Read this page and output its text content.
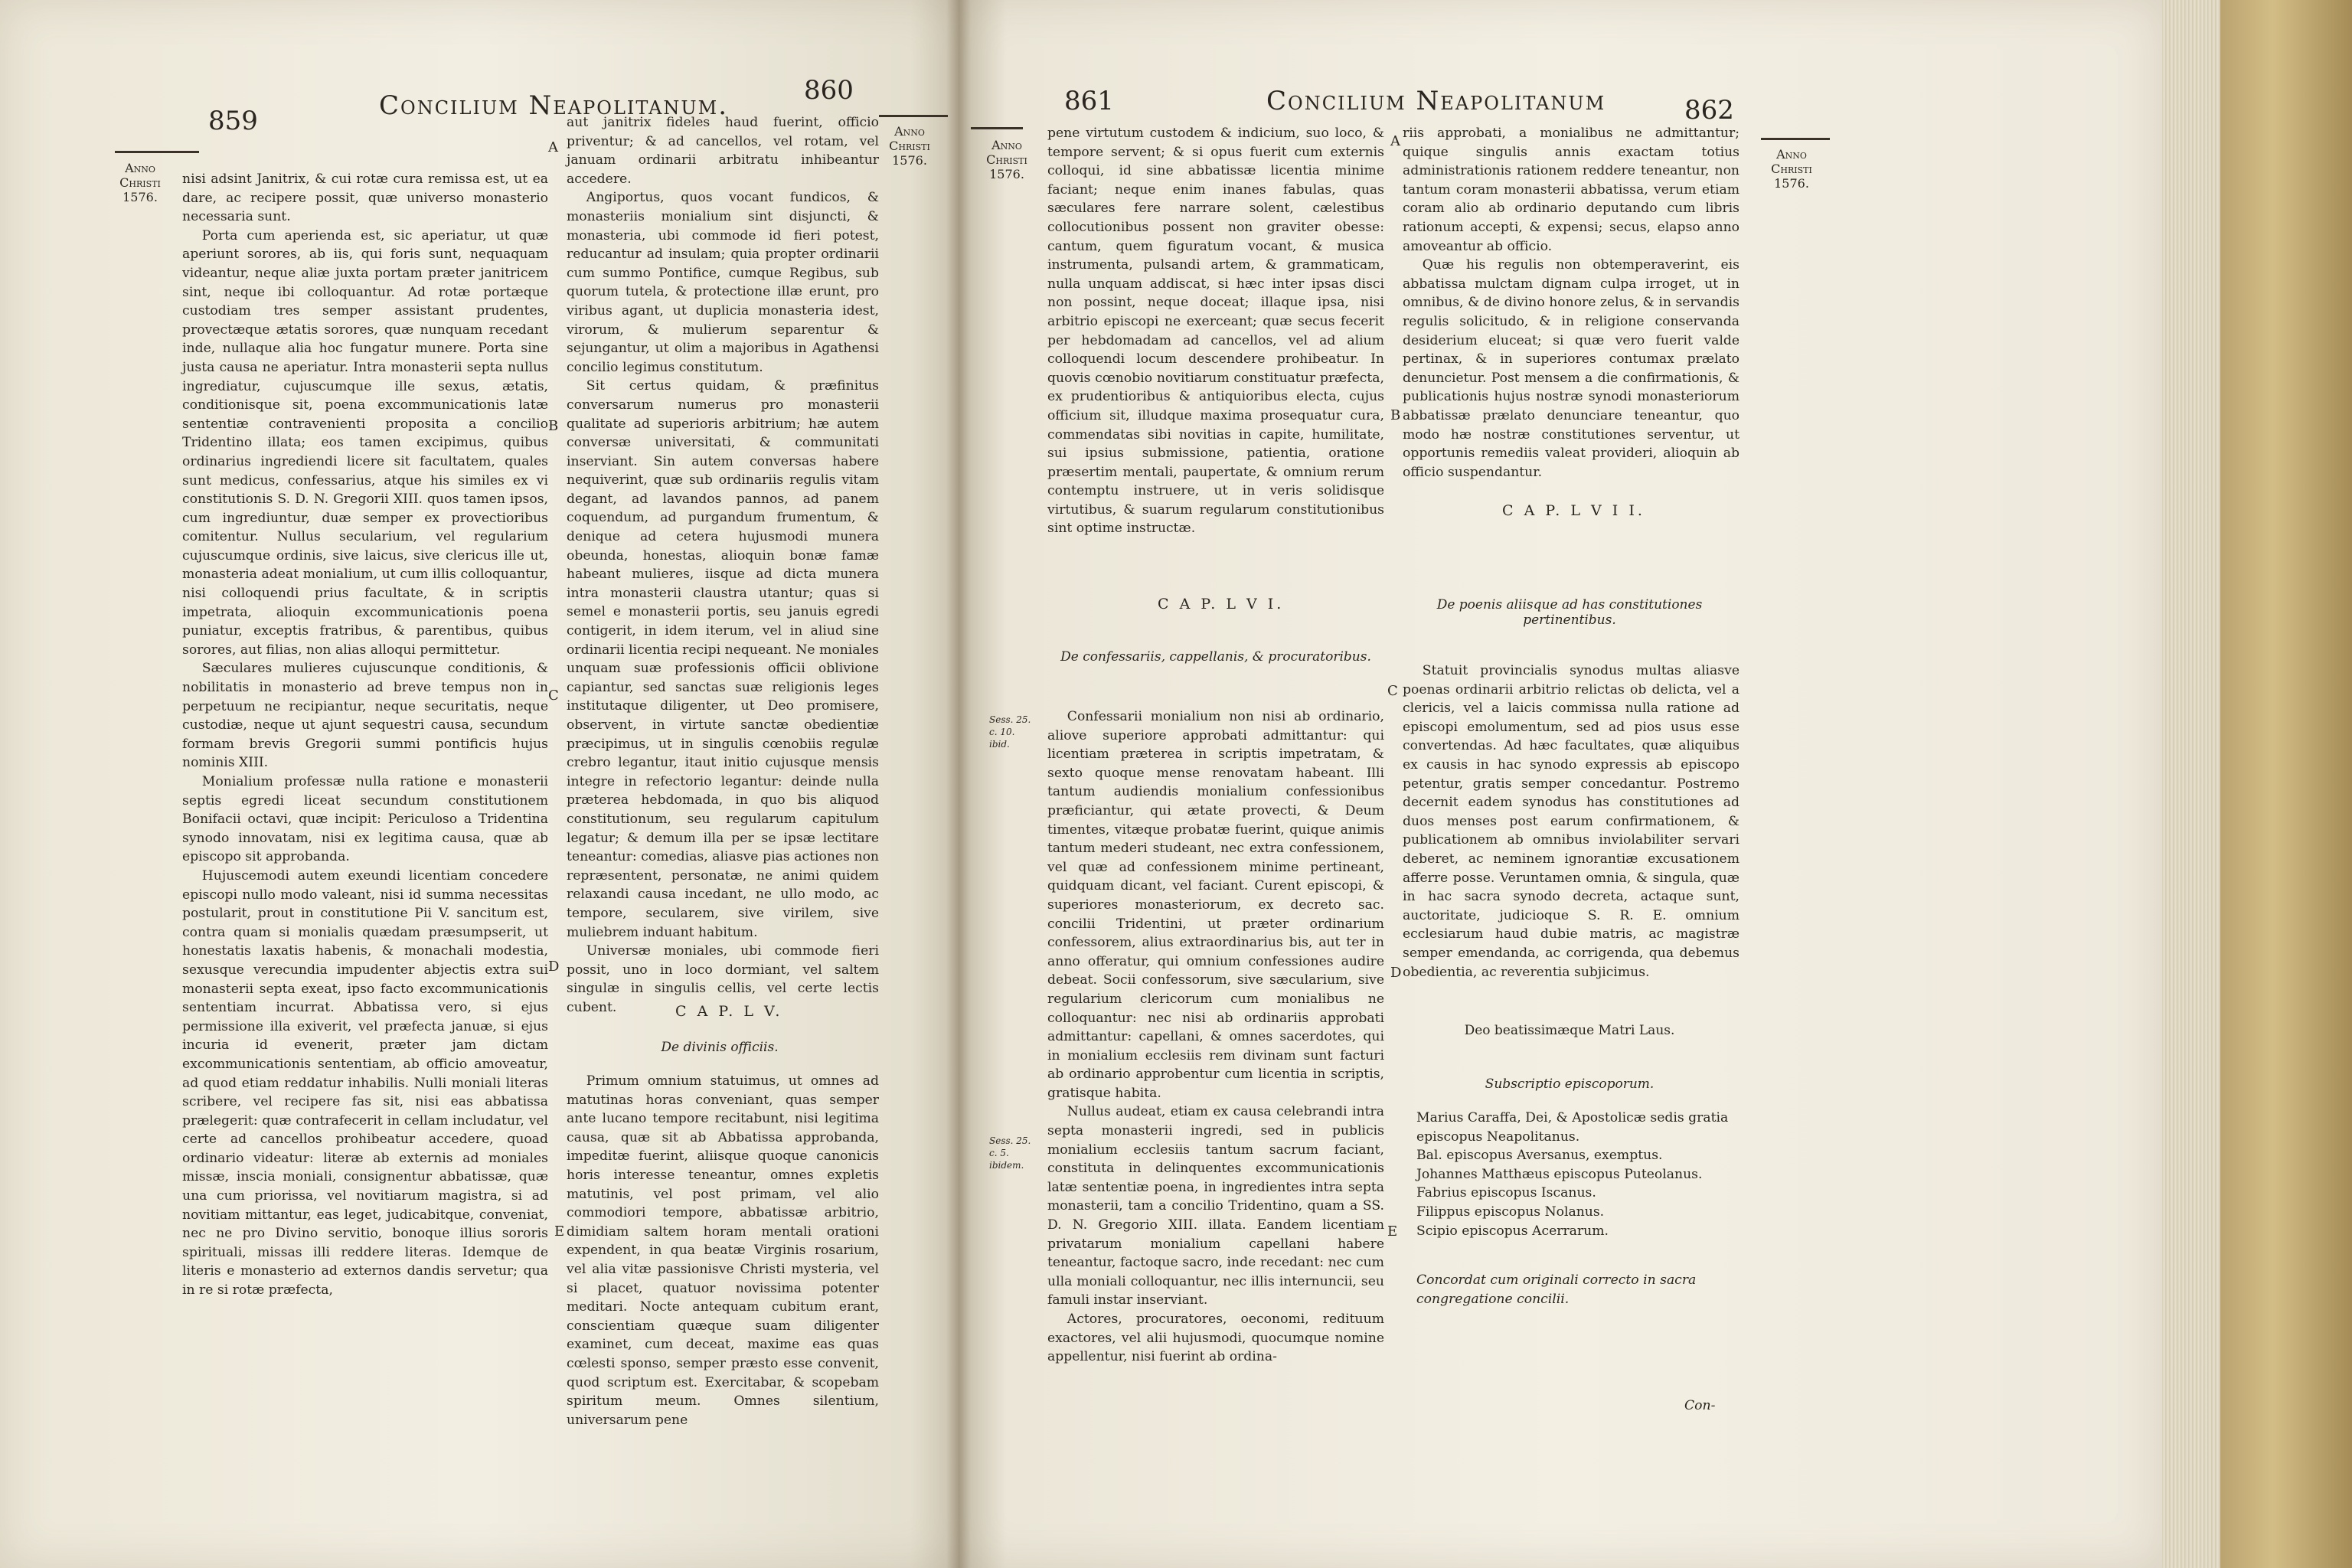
859	Concilium Neapolitanum.	860
Anno
Christi
1576.
Anno
Christi
1576.

nisi adsint Janitrix, & cui rotæ cura remissa est, ut ea dare, ac recipere possit, quæ universo monasterio necessaria sunt.

Porta cum aperienda est, sic aperiatur, ut quæ aperiunt sorores, ab iis, qui foris sunt, nequaquam videantur, neque aliæ juxta portam præter janitricem sint, neque ibi colloquantur. Ad rotæ portæque custodiam tres semper assistant prudentes, provectæque ætatis sorores, quæ nunquam recedant inde, nullaque alia hoc fungatur munere. Porta sine justa causa ne aperiatur. Intra monasterii septa nullus ingrediatur, cujuscumque ille sexus, ætatis, conditionisque sit, poena excommunicationis latæ sententiæ contravenienti proposita a concilio Tridentino illata; eos tamen excipimus, quibus ordinarius ingrediendi licere sit facultatem, quales sunt medicus, confessarius, atque his similes ex vi constitutionis S. D. N. Gregorii XIII. quos tamen ipsos, cum ingrediuntur, duæ semper ex provectioribus comitentur. Nullus secularium, vel regularium cujuscumque ordinis, sive laicus, sive clericus ille ut, monasteria adeat monialium, ut cum illis colloquantur, nisi colloquendi prius facultate, & in scriptis impetrata, alioquin excommunicationis poena puniatur, exceptis fratribus, & parentibus, quibus sorores, aut filias, non alias alloqui permittetur.

Sæculares mulieres cujuscunque conditionis, & nobilitatis in monasterio ad breve tempus non in perpetuum ne recipiantur, neque securitatis, neque custodiæ, neque ut ajunt sequestri causa, secundum formam brevis Gregorii summi pontificis hujus nominis XIII.

Monialium professæ nulla ratione e monasterii septis egredi liceat secundum constitutionem Bonifacii octavi, quæ incipit: Periculoso a Tridentina synodo innovatam, nisi ex legitima causa, quæ ab episcopo sit approbanda.

Hujuscemodi autem exeundi licentiam concedere episcopi nullo modo valeant, nisi id summa necessitas postularit, prout in constitutione Pii V. sancitum est, contra quam si monialis quædam præsumpserit, ut honestatis laxatis habenis, & monachali modestia, sexusque verecundia impudenter abjectis extra sui monasterii septa exeat, ipso facto excommunicationis sententiam incurrat. Abbatissa vero, si ejus permissione illa exiverit, vel præfecta januæ, si ejus incuria id evenerit, præter jam dictam excommunicationis sententiam, ab officio amoveatur, ad quod etiam reddatur inhabilis. Nulli moniali literas scribere, vel recipere fas sit, nisi eas abbatissa prælegerit: quæ contrafecerit in cellam includatur, vel certe ad cancellos prohibeatur accedere, quoad ordinario videatur: literæ ab externis ad moniales missæ, inscia moniali, consignentur abbatissæ, quæ una cum priorissa, vel novitiarum magistra, si ad novitiam mittantur, eas leget, judicabitque, conveniat, nec ne pro Divino servitio, bonoque illius sororis spirituali, missas illi reddere literas. Idemque de literis e monasterio ad externos dandis servetur; qua in re si rotæ præfecta,

A
B
C
D
E

aut janitrix fideles haud fuerint, officio priventur; & ad cancellos, vel rotam, vel januam ordinarii arbitratu inhibeantur accedere.

Angiportus, quos vocant fundicos, & monasteriis monialium sint disjuncti, & monasteria, ubi commode id fieri potest, reducantur ad insulam; quia propter ordinarii cum summo Pontifice, cumque Regibus, sub quorum tutela, & protectione illæ erunt, pro viribus agant, ut duplicia monasteria idest, virorum, & mulierum separentur & sejungantur, ut olim a majoribus in Agathensi concilio legimus constitutum.

Sit certus quidam, & præfinitus conversarum numerus pro monasterii qualitate ad superioris arbitrium; hæ autem conversæ universitati, & communitati inserviant. Sin autem conversas habere nequiverint, quæ sub ordinariis regulis vitam degant, ad lavandos pannos, ad panem coquendum, ad purgandum frumentum, & denique ad cetera hujusmodi munera obeunda, honestas, alioquin bonæ famæ habeant mulieres, iisque ad dicta munera intra monasterii claustra utantur; quas si semel e monasterii portis, seu januis egredi contigerit, in idem iterum, vel in aliud sine ordinarii licentia recipi nequeant. Ne moniales unquam suæ professionis officii oblivione capiantur, sed sanctas suæ religionis leges institutaque diligenter, ut Deo promisere, observent, in virtute sanctæ obedientiæ præcipimus, ut in singulis cœnobiis regulæ crebro legantur, itaut initio cujusque mensis integre in refectorio legantur: deinde nulla præterea hebdomada, in quo bis aliquod constitutionum, seu regularum capitulum legatur; & demum illa per se ipsæ lectitare teneantur: comedias, aliasve pias actiones non repræsentent, personatæ, ne animi quidem relaxandi causa incedant, ne ullo modo, ac tempore, secularem, sive virilem, sive muliebrem induant habitum.

Universæ moniales, ubi commode fieri possit, uno in loco dormiant, vel saltem singulæ in singulis cellis, vel certe lectis cubent.	C A P. L V.
De divinis officiis.

Primum omnium statuimus, ut omnes ad matutinas horas conveniant, quas semper ante lucano tempore recitabunt, nisi legitima causa, quæ sit ab Abbatissa approbanda, impeditæ fuerint, aliisque quoque canonicis horis interesse teneantur, omnes expletis matutinis, vel post primam, vel alio commodiori tempore, abbatissæ arbitrio, dimidiam saltem horam mentali orationi expendent, in qua beatæ Virginis rosarium, vel alia vitæ passionisve Christi mysteria, vel si placet, quatuor novissima potenter meditari. Nocte antequam cubitum erant, conscientiam quæque suam diligenter examinet, cum deceat, maxime eas quas cœlesti sponso, semper præsto esse convenit, quod scriptum est. Exercitabar, & scopebam spiritum meum. Omnes silentium, universarum pene

861	Concilium Neapolitanum	862
Anno
Christi
1576.
Anno
Christi
1576.

pene virtutum custodem & indicium, suo loco, & tempore servent; & si opus fuerit cum externis colloqui, id sine abbatissæ licentia minime faciant; neque enim inanes fabulas, quas sæculares fere narrare solent, cælestibus collocutionibus possent non graviter obesse: cantum, quem figuratum vocant, & musica instrumenta, pulsandi artem, & grammaticam, nulla unquam addiscat, si hæc inter ipsas disci non possint, neque doceat; illaque ipsa, nisi arbitrio episcopi ne exerceant; quæ secus fecerit per hebdomadam ad cancellos, vel ad alium colloquendi locum descendere prohibeatur. In quovis cœnobio novitiarum constituatur præfecta, ex prudentioribus & antiquioribus electa, cujus officium sit, illudque maxima prosequatur cura, commendatas sibi novitias in capite, humilitate, sui ipsius submissione, patientia, oratione præsertim mentali, paupertate, & omnium rerum contemptu instruere, ut in veris solidisque virtutibus, & suarum regularum constitutionibus sint optime instructæ.

C A P. L V I.
De confessariis, cappellanis, & procuratoribus.
Sess. 25. c. 10. ibid.
Sess. 25. c. 5. ibidem.

Confessarii monialium non nisi ab ordinario, aliove superiore approbati admittantur: qui licentiam præterea in scriptis impetratam, & sexto quoque mense renovatam habeant. Illi tantum audiendis monialium confessionibus præficiantur, qui ætate provecti, & Deum timentes, vitæque probatæ fuerint, quique animis tantum mederi studeant, nec extra confessionem, vel quæ ad confessionem minime pertineant, quidquam dicant, vel faciant. Curent episcopi, & superiores monasteriorum, ex decreto sac. concilii Tridentini, ut præter ordinarium confessorem, alius extraordinarius bis, aut ter in anno offeratur, qui omnium confessiones audire debeat. Socii confessorum, sive sæcularium, sive regularium clericorum cum monialibus ne colloquantur: nec nisi ab ordinariis approbati admittantur: capellani, & omnes sacerdotes, qui in monialium ecclesiis rem divinam sunt facturi ab ordinario approbentur cum licentia in scriptis, gratisque habita.

Nullus audeat, etiam ex causa celebrandi intra septa monasterii ingredi, sed in publicis monialium ecclesiis tantum sacrum faciant, constituta in delinquentes excommunicationis latæ sententiæ poena, in ingredientes intra septa monasterii, tam a concilio Tridentino, quam a SS. D. N. Gregorio XIII. illata. Eandem licentiam privatarum monialium capellani habere teneantur, factoque sacro, inde recedant: nec cum ulla moniali colloquantur, nec illis internuncii, seu famuli instar inserviant.

Actores, procuratores, oeconomi, redituum exactores, vel alii hujusmodi, quocumque nomine appellentur, nisi fuerint ab ordina-

A
B
C
D
E

riis approbati, a monialibus ne admittantur; quique singulis annis exactam totius administrationis rationem reddere teneantur, non tantum coram monasterii abbatissa, verum etiam coram alio ab ordinario deputando cum libris rationum accepti, & expensi; secus, elapso anno amoveantur ab officio.

Quæ his regulis non obtemperaverint, eis abbatissa mulctam dignam culpa irroget, ut in omnibus, & de divino honore zelus, & in servandis regulis solicitudo, & in religione conservanda desiderium eluceat; si quæ vero fuerit valde pertinax, & in superiores contumax prælato denuncietur. Post mensem a die confirmationis, & publicationis hujus nostræ synodi monasteriorum abbatissæ prælato denunciare teneantur, quo modo hæ nostræ constitutiones serventur, ut opportunis remediis valeat provideri, alioquin ab officio suspendantur.

C A P. L V I I.
De poenis aliisque ad has constitutiones pertinentibus.

Statuit provincialis synodus multas aliasve poenas ordinarii arbitrio relictas ob delicta, vel a clericis, vel a laicis commissa nulla ratione ad episcopi emolumentum, sed ad pios usus esse convertendas. Ad hæc facultates, quæ aliquibus ex causis in hac synodo expressis ab episcopo petentur, gratis semper concedantur. Postremo decernit eadem synodus has constitutiones ad duos menses post earum confirmationem, & publicationem ab omnibus inviolabiliter servari deberet, ac neminem ignorantiæ excusationem afferre posse. Veruntamen omnia, & singula, quæ in hac sacra synodo decreta, actaque sunt, auctoritate, judicioque S. R. E. omnium ecclesiarum haud dubie matris, ac magistræ semper emendanda, ac corrigenda, qua debemus obedientia, ac reverentia subjicimus.

Deo beatissimæque Matri Laus.
Subscriptio episcoporum.
Marius Caraffa, Dei, & Apostolicæ sedis gratia episcopus Neapolitanus.
Bal. episcopus Aversanus, exemptus.
Johannes Matthæus episcopus Puteolanus.
Fabrius episcopus Iscanus.
Filippus episcopus Nolanus.
Scipio episcopus Acerrarum.
Concordat cum originali correcto in sacra congregatione concilii.
Con-
